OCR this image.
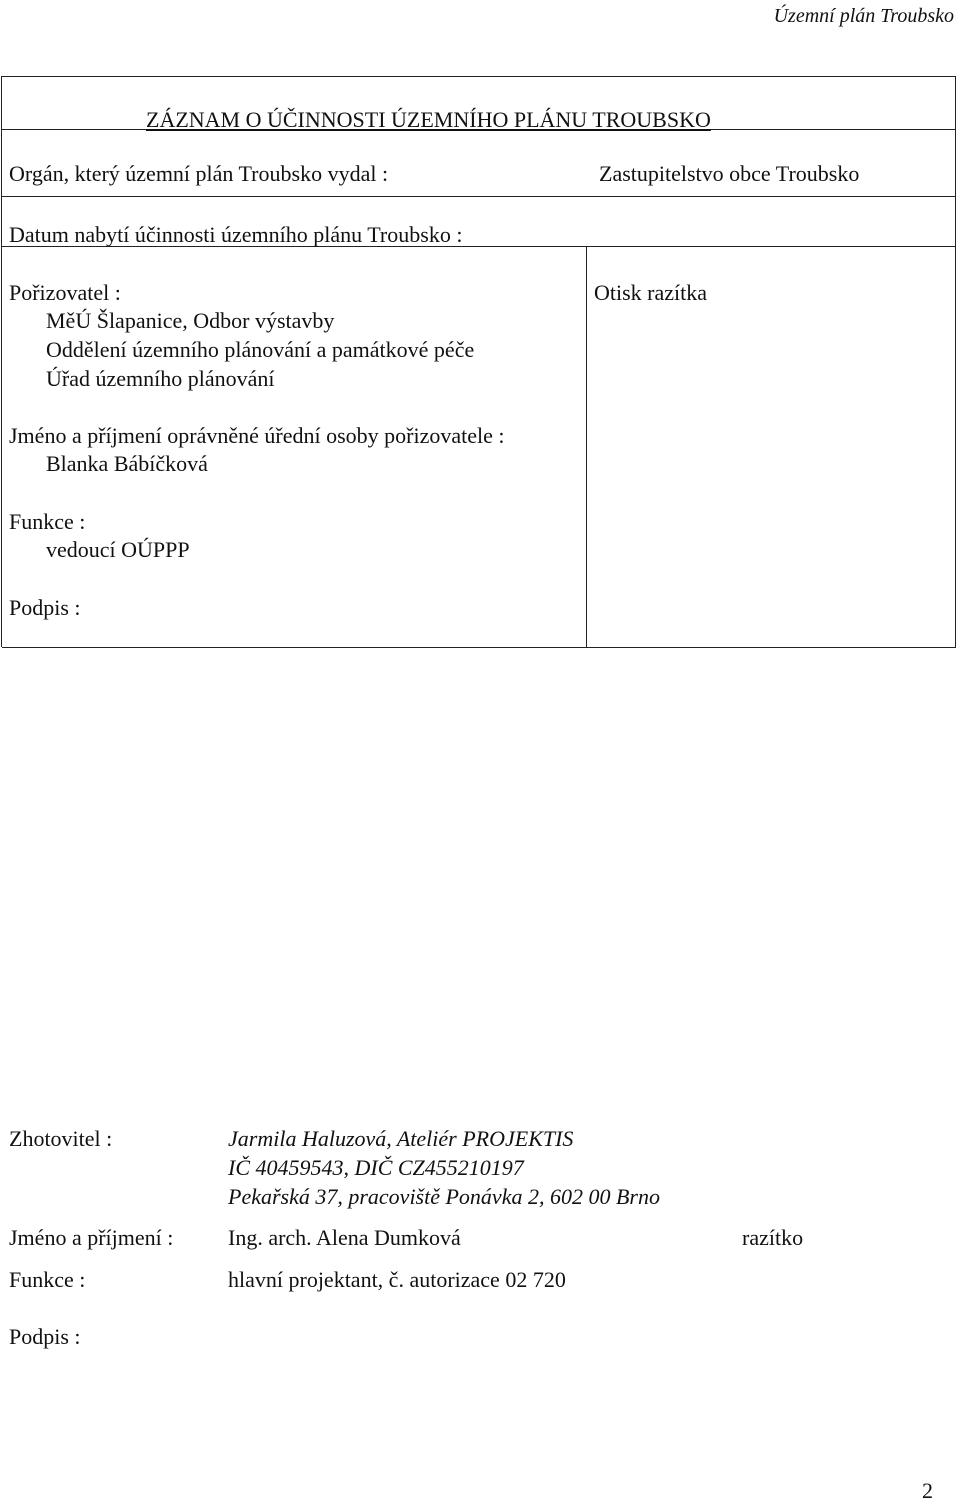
Územní plán Troubsko
ZÁZNAM O ÚČINNOSTI ÚZEMNÍHO PLÁNU TROUBSKO
Orgán, který územní plán Troubsko vydal :	Zastupitelstvo obce Troubsko
Datum nabytí účinnosti územního plánu Troubsko :
Pořizovatel :
MěÚ Šlapanice, Odbor výstavby
Oddělení územního plánování a památkové péče
Úřad územního plánování
Otisk razítka
Jméno a příjmení oprávněné úřední osoby pořizovatele :
Blanka Bábíčková
Funkce :
vedoucí OÚPPP
Podpis :
Zhotovitel :	Jarmila Haluzová, Ateliér PROJEKTIS
IČ 40459543, DIČ CZ455210197
Pekařská 37, pracoviště Ponávka 2, 602 00 Brno
Jméno a příjmení : Ing. arch. Alena Dumková	razítko
Funkce :	hlavní projektant, č. autorizace 02 720
Podpis :
2
